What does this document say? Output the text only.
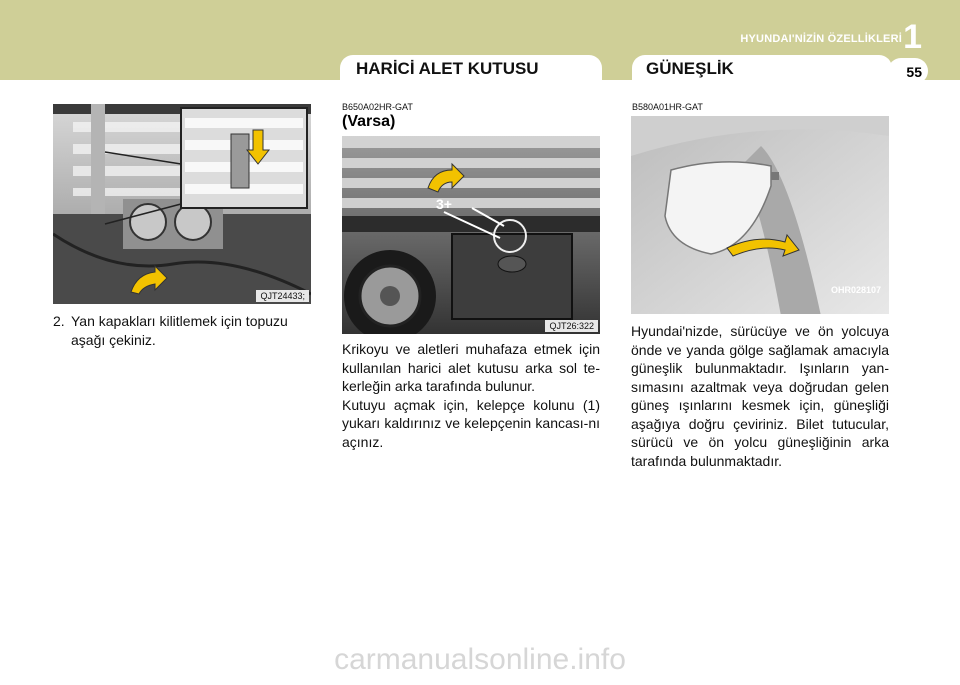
HYUNDAI'NİZİN ÖZELLİKLERİ 1
55
HARİCİ ALET KUTUSU	GÜNEŞLİK
QJT24433;
2. Yan kapakları kilitlemek için topuzu aşağı çekiniz.
B650A02HR-GAT
(Varsa)
3+
QJT26:322

Krikoyu ve aletleri muhafaza etmek için kullanılan harici alet kutusu arka sol te-kerleğin arka tarafında bulunur.

Kutuyu açmak için, kelepçe kolunu (1) yukarı kaldırınız ve kelepçenin kancası-nı açınız.

B580A01HR-GAT
OHR028107

Hyundai'nizde, sürücüye ve ön yolcuya önde ve yanda gölge sağlamak amacıyla güneşlik bulunmaktadır. Işınların yan-sımasını azaltmak veya doğrudan gelen güneş ışınlarını kesmek için, güneşliği aşağıya doğru çeviriniz. Bilet tutucular, sürücü ve ön yolcu güneşliğinin arka tarafında bulunmaktadır.

carmanualsonline.info
